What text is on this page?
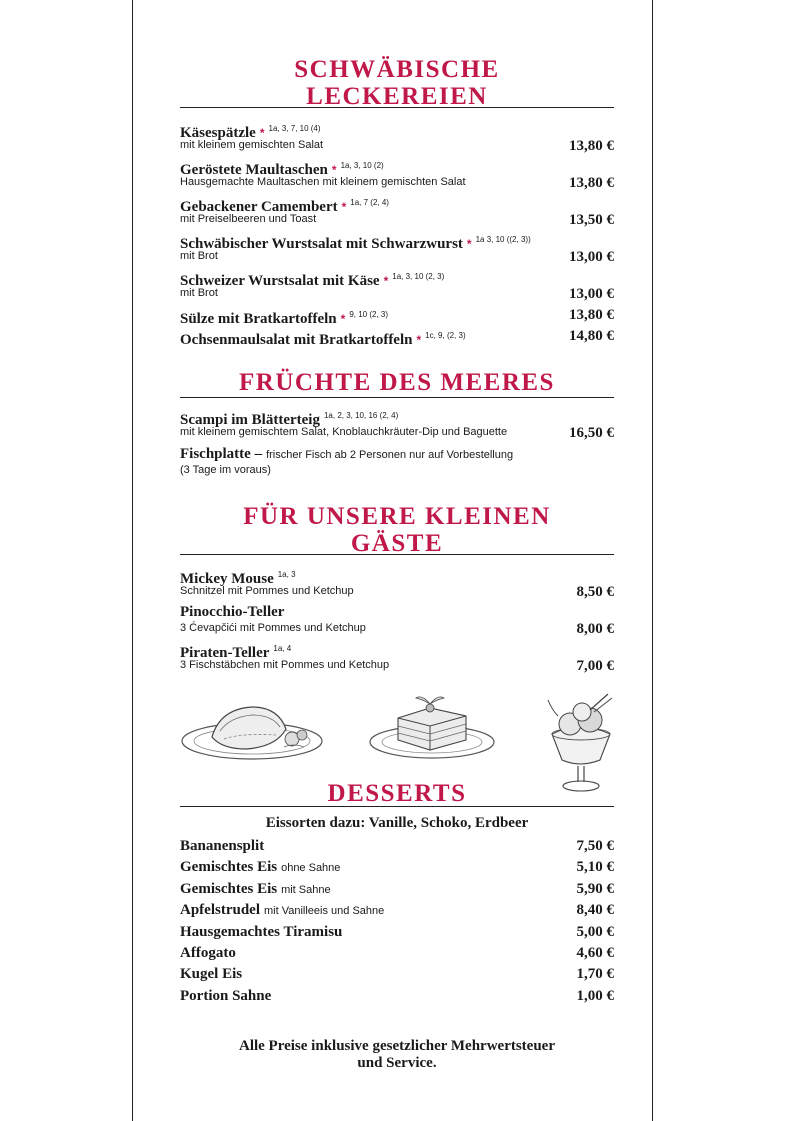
SCHWÄBISCHE
LECKEREIEN
Käsespätzle * $^{1a, 3, 7, 10 (4)}$
mit kleinem gemischten Salat	13,80 €
Geröstete Maultaschen * $^{1a, 3, 10 (2)}$
Hausgemachte Maultaschen mit kleinem gemischten Salat	13,80 €
Gebackener Camembert * $^{1a, 7 (2, 4)}$
mit Preiselbeeren und Toast	13,50 €
Schwäbischer Wurstsalat mit Schwarzwurst * $^{1a 3, 10 ((2, 3))}$
mit Brot	13,00 €
Schweizer Wurstsalat mit Käse * $^{1a, 3, 10 (2, 3)}$
mit Brot	13,00 €
Sülze mit Bratkartoffeln * $^{9, 10 (2, 3)}$	13,80 €
Ochsenmaulsalat mit Bratkartoffeln * $^{1c, 9, (2, 3)}$	14,80 €
FRÜCHTE DES MEERES
Scampi im Blätterteig $^{1a, 2, 3, 10, 16 (2, 4)}$
mit kleinem gemischtem Salat, Knoblauchkräuter-Dip und Baguette	16,50 €
Fischplatte – frischer Fisch ab 2 Personen nur auf Vorbestellung
(3 Tage im voraus)
FÜR UNSERE KLEINEN
GÄSTE
Mickey Mouse $^{1a, 3}$
Schnitzel mit Pommes und Ketchup	8,50 €
Pinocchio-Teller
3 Ćevapčići mit Pommes und Ketchup	8,00 €
Piraten-Teller $^{1a, 4}$
3 Fischstäbchen mit Pommes und Ketchup	7,00 €
DESSERTS
Eissorten dazu: Vanille, Schoko, Erdbeer
Bananensplit	7,50 €
Gemischtes Eis ohne Sahne	5,10 €
Gemischtes Eis mit Sahne	5,90 €
Apfelstrudel mit Vanilleeis und Sahne	8,40 €
Hausgemachtes Tiramisu	5,00 €
Affogato	4,60 €
Kugel Eis	1,70 €
Portion Sahne	1,00 €
Alle Preise inklusive gesetzlicher Mehrwertsteuer
und Service.
